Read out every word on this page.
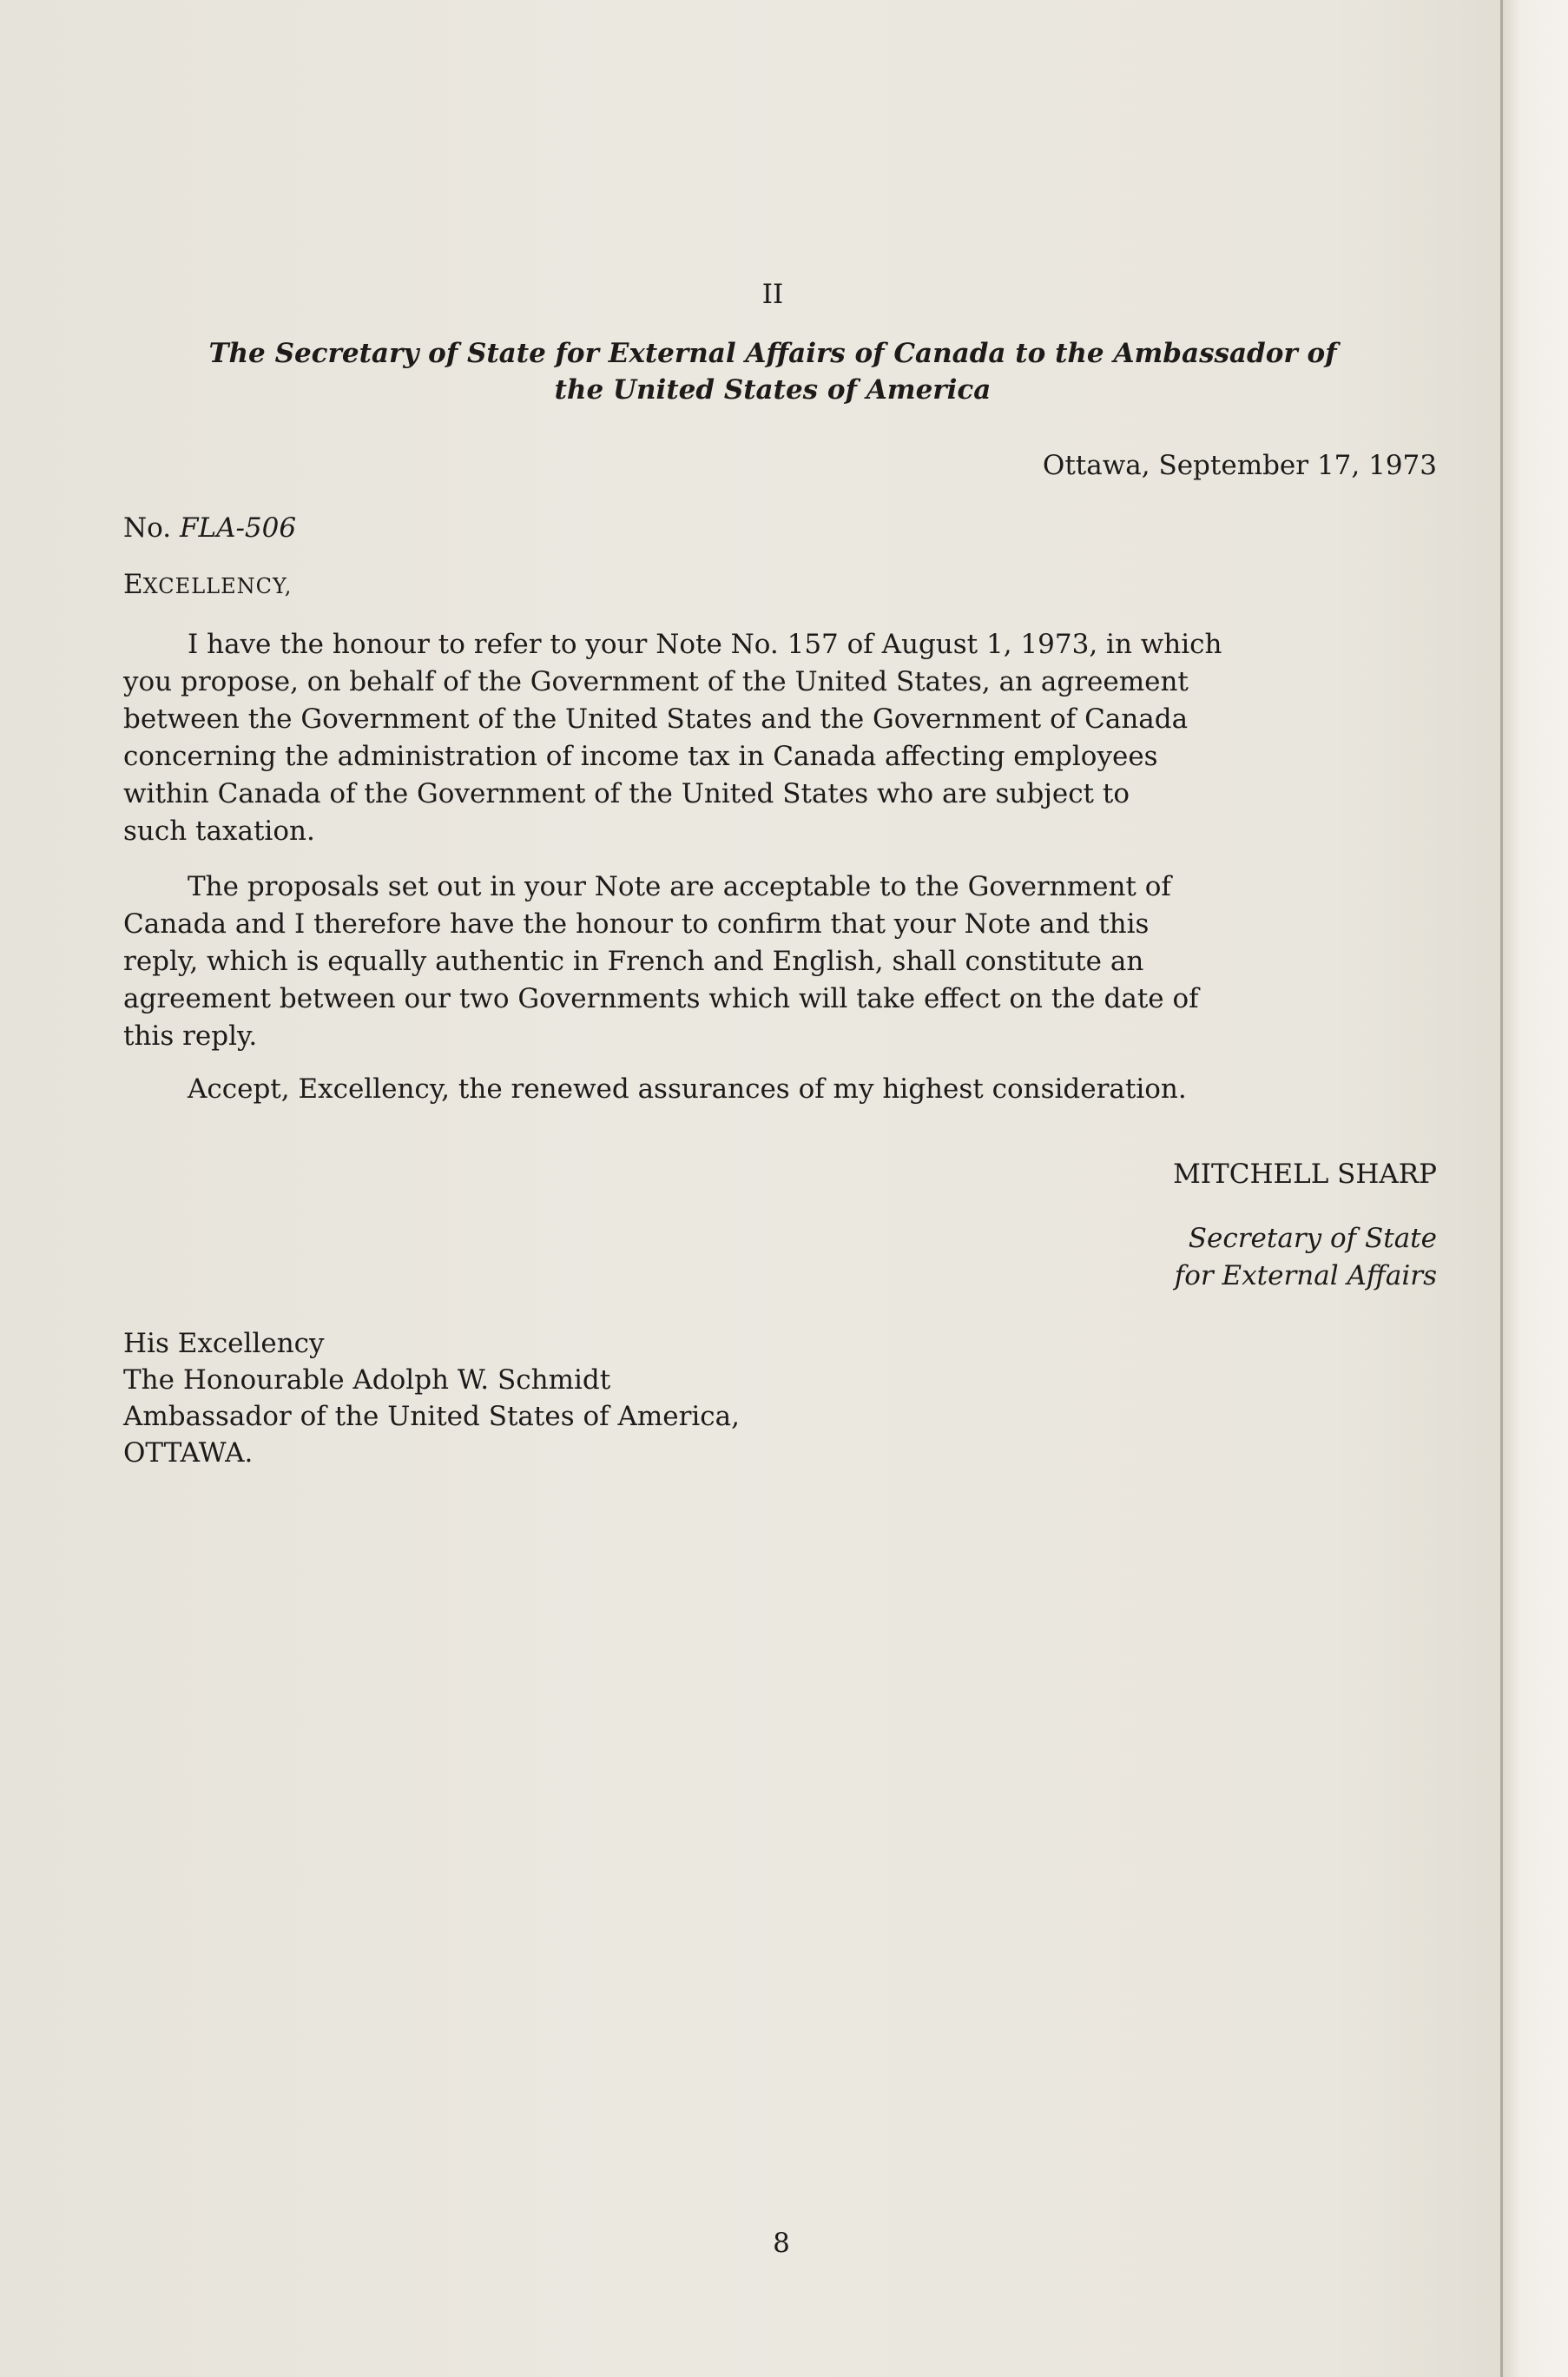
II
The Secretary of State for External Affairs of Canada to the Ambassador of
the United States of America
Ottawa, September 17, 1973
No. FLA-506
EXCELLENCY,
I have the honour to refer to your Note No. 157 of August 1, 1973, in which
you propose, on behalf of the Government of the United States, an agreement
between the Government of the United States and the Government of Canada
concerning the administration of income tax in Canada affecting employees
within Canada of the Government of the United States who are subject to
such taxation.
The proposals set out in your Note are acceptable to the Government of
Canada and I therefore have the honour to confirm that your Note and this
reply, which is equally authentic in French and English, shall constitute an
agreement between our two Governments which will take effect on the date of
this reply.
Accept, Excellency, the renewed assurances of my highest consideration.
MITCHELL SHARP
Secretary of State
for External Affairs
His Excellency
The Honourable Adolph W. Schmidt
Ambassador of the United States of America,
OTTAWA.
8
